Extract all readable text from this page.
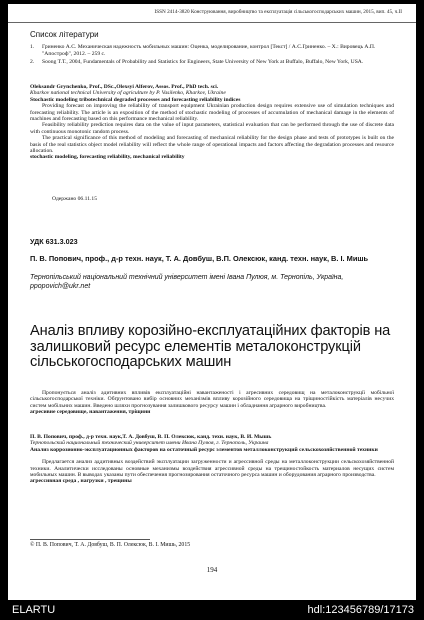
ISSN 2414-3820 Конструювання, виробництво та експлуатація сільськогосподарських машин, 2015, вип. 45, ч.II
Список літератури
1. Гриненко А.С. Механическая надежность мобильных машин: Оценка, моделирование, контрол [Текст] / А.С.Гриненко. – Х.: Вировець А.П. "Апостроф", 2012. – 259 с.
2. Soong T.T., 2004, Fundamentals of Probability and Statistics for Engineers, State University of New York at Buffalo, Buffalo, New York, USA.
Oleksandr Grynchenko, Prof., DSc.,Olexsyi Alferov, Assos. Prof., PhD tech. sci.
Kharkov national technical University of agriculture by P. Vasilenko, Kharkov, Ukraine
Stochastic modeling tribotechnical degraded processes and forecasting reliability indices

Providing forecast on improving the reliability of transport equipment Ukrainian production design requires extensive use of simulation techniques and forecasting reliability. The article is an exposition of the method of stochastic modeling of processes of accumulation of mechanical damage in the elements of machines and forecasting based on this performance mechanical reliability.

Feasibility reliability prediction requires data on the value of input parameters, statistical evaluation that can be performed through the use of discrete data with continuous monotonic random process.

The practical significance of this method of modeling and forecasting of mechanical reliability for the design phase and tests of prototypes is built on the basis of the real statistics object model reliability will reflect the whole range of operational impacts and factors affecting the degradation processes and resource allocation.

stochastic modeling, forecasting reliability, mechanical reliability
Одержано 06.11.15
УДК 631.3.023
П. В. Попович, проф., д-р техн. наук, Т. А. Довбуш, В.П. Олексюк, канд. техн. наук, В. І. Мишь
Тернопільський національний технічний університет імені Івана Пулюя, м. Тернопіль, Україна, ppopovich@ukr.net
Аналіз впливу корозійно-експлуатаційних факторів на залишковий ресурс елементів металоконструкцій сільськогосподарських машин

Пропонується аналіз адитивних впливів експлуатаційні навантаженості і агресивних середовищ на металоконструкції мобільної сільськогосподарської техніки. Обґрунтовано вибір основних механізмів впливу корозійного середовища на тріщиностійкість матеріалів несучих систем мобільних машин. Введено шляхи прогнозування залишкового ресурсу машин і обладнання аграрного виробництва.

агресивне середовище, навантаження, тріщини
П. В. Попович, проф., д-р техн. наук,Т. А. Довбуш, В. П. Олексюк, канд. техн. наук, В. И. Мышь
Тернопольский национальный технический университет имени Ивана Пулюя, г. Тернополь, Украина
Анализ коррозионно-эксплуатационных факторов на остаточный ресурс элементов металлоконструкций сельскохозяйственной техники

Предлагается анализ аддитивных воздействий эксплуатации загруженности и агрессивной среды на металлоконструкции сельскохозяйственной техники. Аналитически исследованы основные механизмы воздействия агрессивной среды на трещиностойкость материалов несущих систем мобильных машин. В выводах указаны пути обеспечения прогнозирования остаточного ресурса машин и оборудования аграрного производства.

агрессивная среда , нагрузки , трещины
© П. В. Попович, Т. А. Довбуш, В. П. Олексюк, В. І. Мишь, 2015
194
ELARTU	hdl:123456789/17173
